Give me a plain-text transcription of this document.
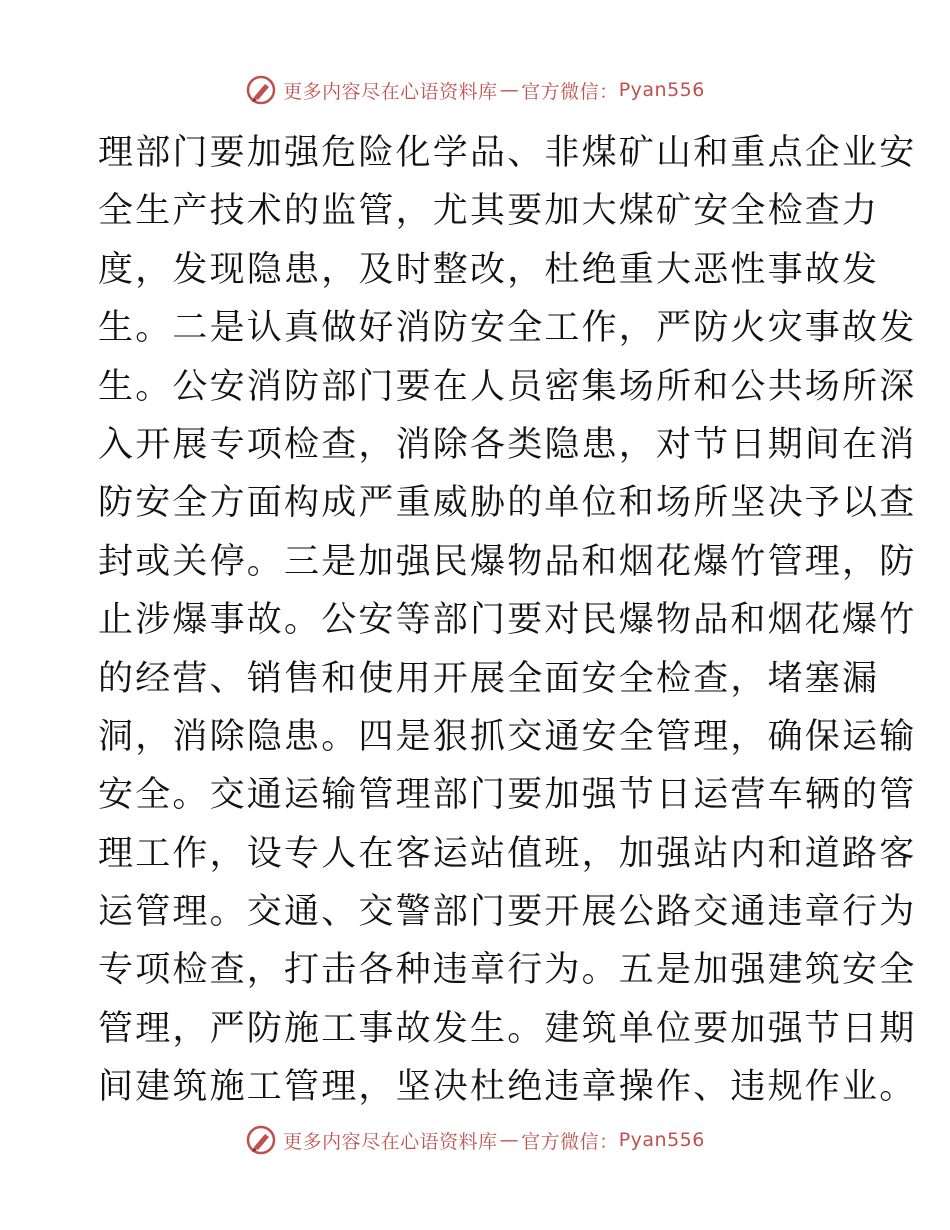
更多内容尽在心语资料库 — 官方微信： Pyan556
理部门要加强危险化学品、非煤矿山和重点企业安
全生产技术的监管，尤其要加大煤矿安全检查力
度，发现隐患，及时整改，杜绝重大恶性事故发
生。二是认真做好消防安全工作，严防火灾事故发
生。公安消防部门要在人员密集场所和公共场所深
入开展专项检查，消除各类隐患，对节日期间在消
防安全方面构成严重威胁的单位和场所坚决予以查
封或关停。三是加强民爆物品和烟花爆竹管理，防
止涉爆事故。公安等部门要对民爆物品和烟花爆竹
的经营、销售和使用开展全面安全检查，堵塞漏
洞，消除隐患。四是狠抓交通安全管理，确保运输
安全。交通运输管理部门要加强节日运营车辆的管
理工作，设专人在客运站值班，加强站内和道路客
运管理。交通、交警部门要开展公路交通违章行为
专项检查，打击各种违章行为。五是加强建筑安全
管理，严防施工事故发生。建筑单位要加强节日期
间建筑施工管理，坚决杜绝违章操作、违规作业。
更多内容尽在心语资料库 — 官方微信： Pyan556
